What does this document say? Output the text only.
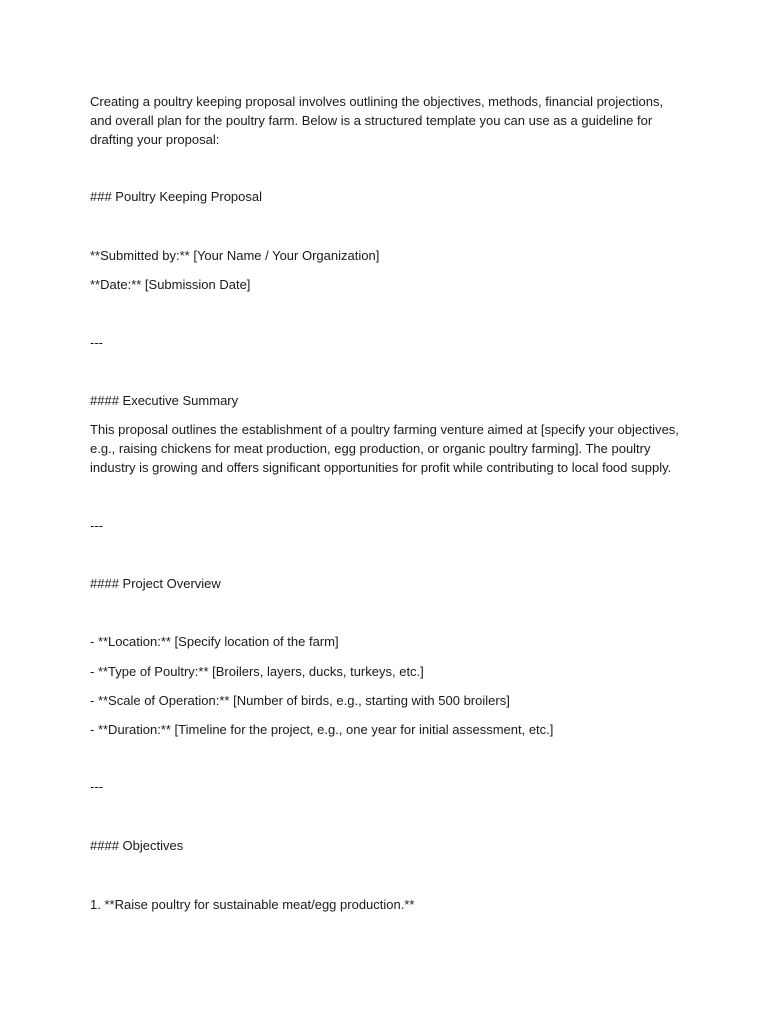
Creating a poultry keeping proposal involves outlining the objectives, methods, financial projections, and overall plan for the poultry farm. Below is a structured template you can use as a guideline for drafting your proposal:
### Poultry Keeping Proposal
**Submitted by:** [Your Name / Your Organization]
**Date:** [Submission Date]
---
#### Executive Summary
This proposal outlines the establishment of a poultry farming venture aimed at [specify your objectives, e.g., raising chickens for meat production, egg production, or organic poultry farming]. The poultry industry is growing and offers significant opportunities for profit while contributing to local food supply.
---
#### Project Overview
- **Location:** [Specify location of the farm]
- **Type of Poultry:** [Broilers, layers, ducks, turkeys, etc.]
- **Scale of Operation:** [Number of birds, e.g., starting with 500 broilers]
- **Duration:** [Timeline for the project, e.g., one year for initial assessment, etc.]
---
#### Objectives
1. **Raise poultry for sustainable meat/egg production.**
